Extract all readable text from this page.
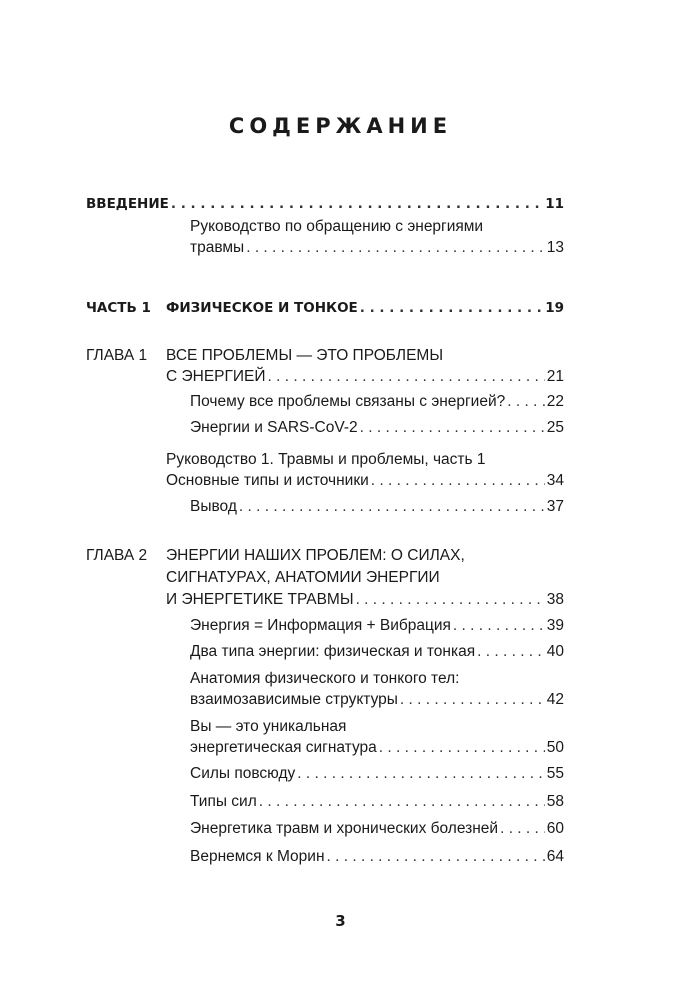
СОДЕРЖАНИЕ
ВВЕДЕНИЕ . . .	11
Руководство по обращению с энергиями
травмы . . .	13
ЧАСТЬ 1 ФИЗИЧЕСКОЕ И ТОНКОЕ . . .	19
ГЛАВА 1 ВСЕ ПРОБЛЕМЫ — ЭТО ПРОБЛЕМЫ
С ЭНЕРГИЕЙ . . .	21
Почему все проблемы связаны с энергией? . . .	22
Энергии и SARS-CoV-2 . . .	25
Руководство 1. Травмы и проблемы, часть 1
Основные типы и источники . . .	34
Вывод . . .	37
ГЛАВА 2 ЭНЕРГИИ НАШИХ ПРОБЛЕМ: О СИЛАХ,
СИГНАТУРАХ, АНАТОМИИ ЭНЕРГИИ
И ЭНЕРГЕТИКЕ ТРАВМЫ . . .	38
Энергия = Информация + Вибрация . . .	39
Два типа энергии: физическая и тонкая . . .	40
Анатомия физического и тонкого тел:
взаимозависимые структуры . . .	42
Вы — это уникальная
энергетическая сигнатура . . .	50
Силы повсюду . . .	55
Типы сил . . .	58
Энергетика травм и хронических болезней . . .	60
Вернемся к Морин . . .	64
3
